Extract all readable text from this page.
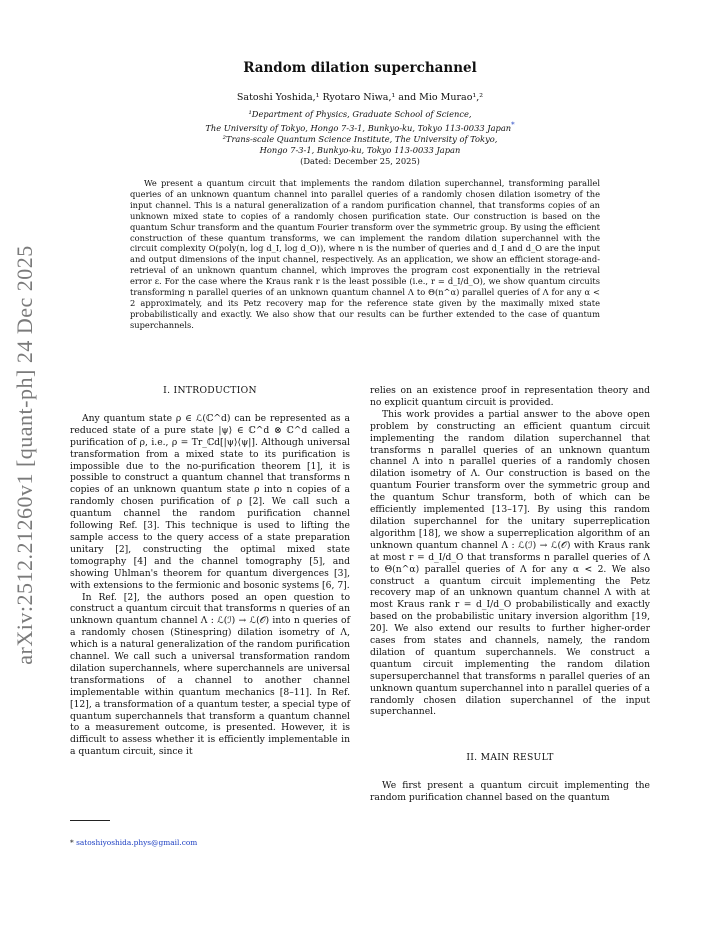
arXiv:2512.21260v1 [quant-ph] 24 Dec 2025
Random dilation superchannel
Satoshi Yoshida,¹ Ryotaro Niwa,¹ and Mio Murao¹,²
¹Department of Physics, Graduate School of Science,
The University of Tokyo, Hongo 7-3-1, Bunkyo-ku, Tokyo 113-0033 Japan*
²Trans-scale Quantum Science Institute, The University of Tokyo,
Hongo 7-3-1, Bunkyo-ku, Tokyo 113-0033 Japan
(Dated: December 25, 2025)

We present a quantum circuit that implements the random dilation superchannel, transforming parallel queries of an unknown quantum channel into parallel queries of a randomly chosen dilation isometry of the input channel. This is a natural generalization of a random purification channel, that transforms copies of an unknown mixed state to copies of a randomly chosen purification state. Our construction is based on the quantum Schur transform and the quantum Fourier transform over the symmetric group. By using the efficient construction of these quantum transforms, we can implement the random dilation superchannel with the circuit complexity O(poly(n, log d_I, log d_O)), where n is the number of queries and d_I and d_O are the input and output dimensions of the input channel, respectively. As an application, we show an efficient storage-and-retrieval of an unknown quantum channel, which improves the program cost exponentially in the retrieval error ε. For the case where the Kraus rank r is the least possible (i.e., r = d_I/d_O), we show quantum circuits transforming n parallel queries of an unknown quantum channel Λ to Θ(n^α) parallel queries of Λ for any α < 2 approximately, and its Petz recovery map for the reference state given by the maximally mixed state probabilistically and exactly. We also show that our results can be further extended to the case of quantum superchannels.

I. INTRODUCTION

Any quantum state ρ ∈ ℒ(ℂ^d) can be represented as a reduced state of a pure state |ψ⟩ ∈ ℂ^d ⊗ ℂ^d called a purification of ρ, i.e., ρ = Tr_ℂd[|ψ⟩⟨ψ|]. Although universal transformation from a mixed state to its purification is impossible due to the no-purification theorem [1], it is possible to construct a quantum channel that transforms n copies of an unknown quantum state ρ into n copies of a randomly chosen purification of ρ [2]. We call such a quantum channel the random purification channel following Ref. [3]. This technique is used to lifting the sample access to the query access of a state preparation unitary [2], constructing the optimal mixed state tomography [4] and the channel tomography [5], and showing Uhlman's theorem for quantum divergences [3], with extensions to the fermionic and bosonic systems [6, 7].

In Ref. [2], the authors posed an open question to construct a quantum circuit that transforms n queries of an unknown quantum channel Λ : ℒ(ℐ) → ℒ(𝒪) into n queries of a randomly chosen (Stinespring) dilation isometry of Λ, which is a natural generalization of the random purification channel. We call such a universal transformation random dilation superchannels, where superchannels are universal transformations of a channel to another channel implementable within quantum mechanics [8–11]. In Ref. [12], a transformation of a quantum tester, a special type of quantum superchannels that transform a quantum channel to a measurement outcome, is presented. However, it is difficult to assess whether it is efficiently implementable in a quantum circuit, since it

relies on an existence proof in representation theory and no explicit quantum circuit is provided.

This work provides a partial answer to the above open problem by constructing an efficient quantum circuit implementing the random dilation superchannel that transforms n parallel queries of an unknown quantum channel Λ into n parallel queries of a randomly chosen dilation isometry of Λ. Our construction is based on the quantum Fourier transform over the symmetric group and the quantum Schur transform, both of which can be efficiently implemented [13–17]. By using this random dilation superchannel for the unitary superreplication algorithm [18], we show a superreplication algorithm of an unknown quantum channel Λ : ℒ(ℐ) → ℒ(𝒪) with Kraus rank at most r = d_I/d_O that transforms n parallel queries of Λ to Θ(n^α) parallel queries of Λ for any α < 2. We also construct a quantum circuit implementing the Petz recovery map of an unknown quantum channel Λ with at most Kraus rank r = d_I/d_O probabilistically and exactly based on the probabilistic unitary inversion algorithm [19, 20]. We also extend our results to further higher-order cases from states and channels, namely, the random dilation of quantum superchannels. We construct a quantum circuit implementing the random dilation supersuperchannel that transforms n parallel queries of an unknown quantum superchannel into n parallel queries of a randomly chosen dilation superchannel of the input superchannel.

II. MAIN RESULT

We first present a quantum circuit implementing the random purification channel based on the quantum

* satoshiyoshida.phys@gmail.com
